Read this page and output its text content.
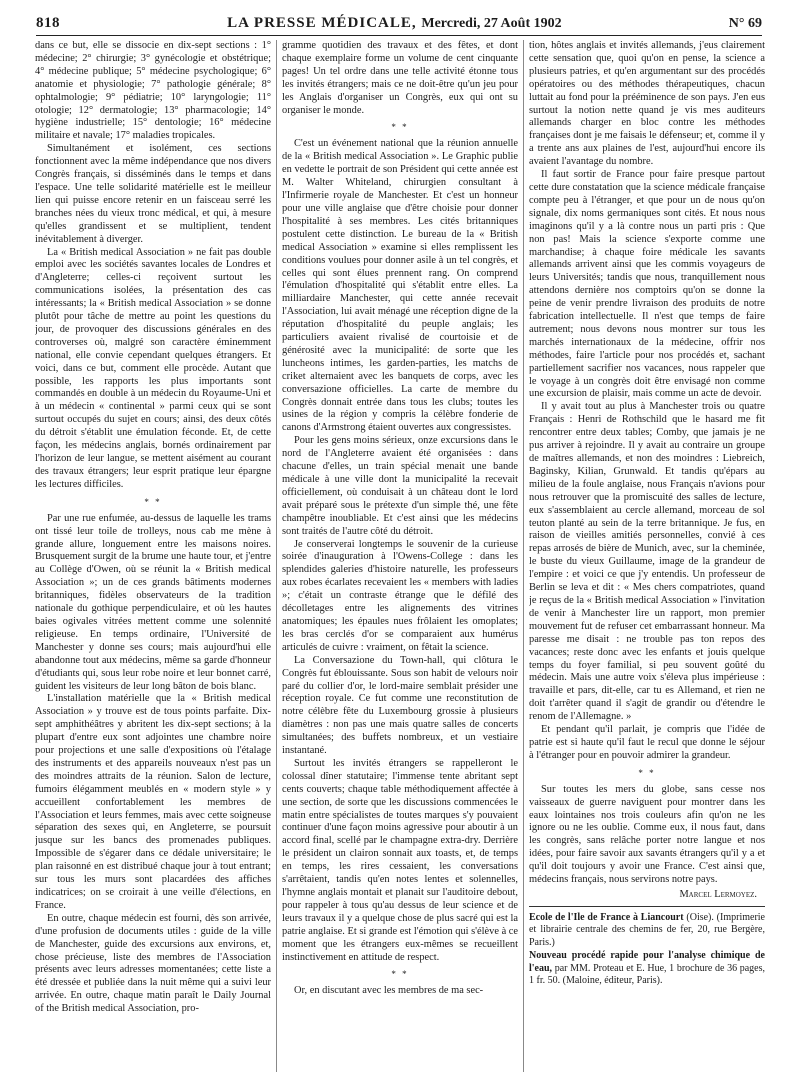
818	LA PRESSE MÉDICALE, Mercredi, 27 Août 1902	N° 69

dans ce but, elle se dissocie en dix-sept sections : 1° médecine; 2° chirurgie; 3° gynécologie et obstétrique; 4° médecine publique; 5° médecine psychologique; 6° anatomie et physiologie; 7° pathologie générale; 8° ophtalmologie; 9° pédiatrie; 10° laryngologie; 11° otologie; 12° dermatologie; 13° pharmacologie; 14° hygiène industrielle; 15° dentologie; 16° médecine militaire et navale; 17° maladies tropicales.

Simultanément et isolément, ces sections fonctionnent avec la même indépendance que nos divers Congrès français, si disséminés dans le temps et dans l'espace. Une telle solidarité matérielle est le meilleur lien qui puisse encore retenir en un faisceau serré les branches nées du vieux tronc médical, et qui, à mesure qu'elles grandissent et se multiplient, tendent inévitablement à diverger.

La « British medical Association » ne fait pas double emploi avec les sociétés savantes locales de Londres et d'Angleterre; celles-ci reçoivent surtout les communications isolées, la présentation des cas intéressants; la « British medical Association » se donne plutôt pour tâche de mettre au point les questions du jour, de provoquer des discussions générales en des controverses où, malgré son caractère éminemment national, elle convie cependant quelques étrangers. Et voici, dans ce but, comment elle procède. Autant que possible, les rapports les plus importants sont commandés en double à un médecin du Royaume-Uni et à un médecin « continental » parmi ceux qui se sont surtout occupés du sujet en cours; ainsi, des deux côtés du détroit s'établit une émulation féconde. Et, de cette façon, les médecins anglais, bornés ordinairement par l'horizon de leur langue, se mettent aisément au courant des travaux étrangers; leur esprit pratique leur épargne les lectures difficiles.

* *

Par une rue enfumée, au-dessus de laquelle les trams ont tissé leur toile de trolleys, nous cab me mène à grande allure, longuement entre les maisons noires. Brusquement surgit de la brume une haute tour, et j'entre au Collège d'Owen, où se réunit la « British medical Association »; un de ces grands bâtiments modernes britanniques, fidèles observateurs de la tradition nationale du gothique perpendiculaire, et où les hautes baies ogivales vitrées mettent comme une solennité religieuse. En temps ordinaire, l'Université de Manchester y donne ses cours; mais aujourd'hui elle abandonne tout aux médecins, même sa garde d'honneur d'étudiants qui, sous leur robe noire et leur bonnet carré, guident les visiteurs de leur long bâton de bois blanc.

L'installation matérielle que la « British medical Association » y trouve est de tous points parfaite. Dix-sept amphithéâtres y abritent les dix-sept sections; à la plupart d'entre eux sont adjointes une chambre noire pour projections et une salle d'expositions où l'étalage des instruments et des appareils nouveaux n'est pas un des moindres attraits de la réunion. Salon de lecture, fumoirs élégamment meublés en « modern style » y accueillent confortablement les membres de l'Association et leurs femmes, mais avec cette soigneuse séparation des sexes qui, en Angleterre, se poursuit jusque sur les bancs des promenades publiques. Impossible de s'égarer dans ce dédale universitaire; le plan raisonné en est distribué chaque jour à tout entrant; sur tous les murs sont placardées des affiches indicatrices; on se croirait à une veille d'élections, en France.

En outre, chaque médecin est fourni, dès son arrivée, d'une profusion de documents utiles : guide de la ville de Manchester, guide des excursions aux environs, et, chose précieuse, liste des membres de l'Association présents avec leurs adresses momentanées; cette liste a été dressée et publiée dans la nuit même qui a suivi leur arrivée. En outre, chaque matin paraît le Daily Journal of the British medical Association, pro-

gramme quotidien des travaux et des fêtes, et dont chaque exemplaire forme un volume de cent cinquante pages! Un tel ordre dans une telle activité étonne tous les invités étrangers; mais ce ne doit-être qu'un jeu pour les Anglais d'organiser un Congrès, eux qui ont su organiser le monde.

* *

C'est un événement national que la réunion annuelle de la « British medical Association ». Le Graphic publie en vedette le portrait de son Président qui cette année est M. Walter Whiteland, chirurgien consultant à l'Infirmerie royale de Manchester. Et c'est un honneur pour une ville anglaise que d'être choisie pour donner l'hospitalité à ses membres. Les cités britanniques postulent cette distinction. Le bureau de la « British medical Association » examine si elles remplissent les conditions voulues pour donner asile à un tel congrès, et celles qui sont élues prennent rang. On comprend l'émulation d'hospitalité qui s'établit entre elles. La milliardaire Manchester, qui cette année recevait l'Association, lui avait ménagé une réception digne de la réputation d'hospitalité du peuple anglais; les particuliers avaient rivalisé de courtoisie et de générosité avec la municipalité: de sorte que les luncheons intimes, les garden-parties, les matchs de criket alternaient avec les banquets de corps, avec les conversazione officielles. La carte de membre du Congrès donnait entrée dans tous les clubs; toutes les usines de la région y compris la célèbre fonderie de canons d'Armstrong étaient ouvertes aux congressistes.

Pour les gens moins sérieux, onze excursions dans le nord de l'Angleterre avaient été organisées : dans chacune d'elles, un train spécial menait une bande médicale à une ville dont la municipalité la recevait officiellement, où conduisait à un château dont le lord avait préparé sous le prétexte d'un simple thé, une fête champêtre inoubliable. Et c'est ainsi que les médecins sont traités de l'autre côté du détroit.

Je conserverai longtemps le souvenir de la curieuse soirée d'inauguration à l'Owens-College : dans les splendides galeries d'histoire naturelle, les professeurs aux robes écarlates recevaient les « members with ladies »; c'était un contraste étrange que le défilé des décolletages entre les alignements des vitrines anatomiques; les épaules nues frôlaient les omoplates; les bras cerclés d'or se comparaient aux humérus articulés de cuivre : vraiment, on fêtait la science.

La Conversazione du Town-hall, qui clôtura le Congrès fut éblouissante. Sous son habit de velours noir paré du collier d'or, le lord-maire semblait présider une réception royale. Ce fut comme une reconstitution de notre célèbre fête du Luxembourg grossie à plusieurs diamètres : non pas une mais quatre salles de concerts simultanées; des buffets nombreux, et un vestiaire instantané.

Surtout les invités étrangers se rappelleront le colossal dîner statutaire; l'immense tente abritant sept cents couverts; chaque table méthodiquement affectée à une section, de sorte que les discussions commencées le matin entre spécialistes de toutes marques s'y pouvaient continuer d'une façon moins agressive pour aboutir à un accord final, scellé par le champagne extra-dry. Derrière le président un clairon sonnait aux toasts, et, de temps en temps, les rires cessaient, les conversations s'arrêtaient, tandis qu'en notes lentes et solennelles, l'hymne anglais montait et planait sur l'auditoire debout, pour rappeler à tous qu'au dessus de leur science et de leurs travaux il y a quelque chose de plus sacré qui est la patrie anglaise. Et si grande est l'émotion qui s'élève à ce moment que les étrangers eux-mêmes se recueillent instinctivement en attitude de respect.

* *

Or, en discutant avec les membres de ma sec-

tion, hôtes anglais et invités allemands, j'eus clairement cette sensation que, quoi qu'on en pense, la science a plusieurs patries, et qu'en argumentant sur des procédés opératoires ou des méthodes thérapeutiques, chacun luttait au fond pour la prééminence de son pays. J'en eus surtout la notion nette quand je vis mes auditeurs allemands charger en bloc contre les méthodes françaises dont je me faisais le défenseur; et, comme il y a trente ans aux plaines de l'est, aujourd'hui encore ils avaient l'avantage du nombre.

Il faut sortir de France pour faire presque partout cette dure constatation que la science médicale française compte peu à l'étranger, et que pour un de nous qu'on signale, dix noms germaniques sont cités. Et nous nous imaginons qu'il y a là contre nous un parti pris : Que non pas! Mais la science s'exporte comme une marchandise; à chaque foire médicale les savants allemands arrivent ainsi que les commis voyageurs de leurs Universités; tandis que nous, tranquillement nous attendons dernière nos comptoirs qu'on se donne la peine de venir prendre livraison des produits de notre fabrication intellectuelle. Il n'est que temps de faire autrement; nous devons nous montrer sur tous les marchés internationaux de la médecine, offrir nos méthodes, faire l'article pour nos procédés et, sachant partiellement sacrifier nos vacances, nous rappeler que le voyage à un congrès doit être envisagé non comme une excursion de plaisir, mais comme un acte de devoir.

Il y avait tout au plus à Manchester trois ou quatre Français : Henri de Rothschild que le hasard me fit rencontrer entre deux tables; Comby, que jamais je ne pus arriver à rejoindre. Il y avait au contraire un groupe de maîtres allemands, et non des moindres : Liebreich, Baginsky, Kilian, Grunwald. Et tandis qu'épars au milieu de la foule anglaise, nous Français n'avions pour nous retrouver que la promiscuité des salles de lecture, eux s'assemblaient au cercle allemand, morceau de sol teuton planté au sein de la terre britannique. Je fus, en raison de vieilles amitiés personnelles, convié à ces repas arrosés de bière de Munich, avec, sur la cheminée, le buste du vieux Guillaume, image de la grandeur de l'empire : et voici ce que j'y entendis. Un professeur de Berlin se leva et dit : « Mes chers compatriotes, quand je reçus de la « British medical Association » l'invitation de venir à Manchester lire un rapport, mon premier mouvement fut de refuser cet embarrassant honneur. Ma paresse me disait : ne trouble pas ton repos des vacances; reste donc avec les enfants et jouis quelque temps du foyer familial, si peu souvent goûté du médecin. Mais une autre voix s'éleva plus impérieuse : travaille et pars, dit-elle, car tu es Allemand, et rien ne doit t'arrêter quand il s'agit de grandir ou d'étendre le renom de l'Allemagne. »

Et pendant qu'il parlait, je compris que l'idée de patrie est si haute qu'il faut le recul que donne le séjour à l'étranger pour en pouvoir admirer la grandeur.

* *

Sur toutes les mers du globe, sans cesse nos vaisseaux de guerre naviguent pour montrer dans les eaux lointaines nos trois couleurs afin qu'on ne les ignore ou ne les oublie. Comme eux, il nous faut, dans les congrès, sans relâche porter notre langue et nos idées, pour faire savoir aux savants étrangers qu'il y a et qu'il doit toujours y avoir une France. C'est ainsi que, médecins français, nous servirons notre pays.

Marcel Lermoyez.

Ecole de l'Ile de France à Liancourt (Oise). (Imprimerie et librairie centrale des chemins de fer, 20, rue Bergère, Paris.)

Nouveau procédé rapide pour l'analyse chimique de l'eau, par MM. Proteau et E. Hue, 1 brochure de 36 pages, 1 fr. 50. (Maloine, éditeur, Paris).
